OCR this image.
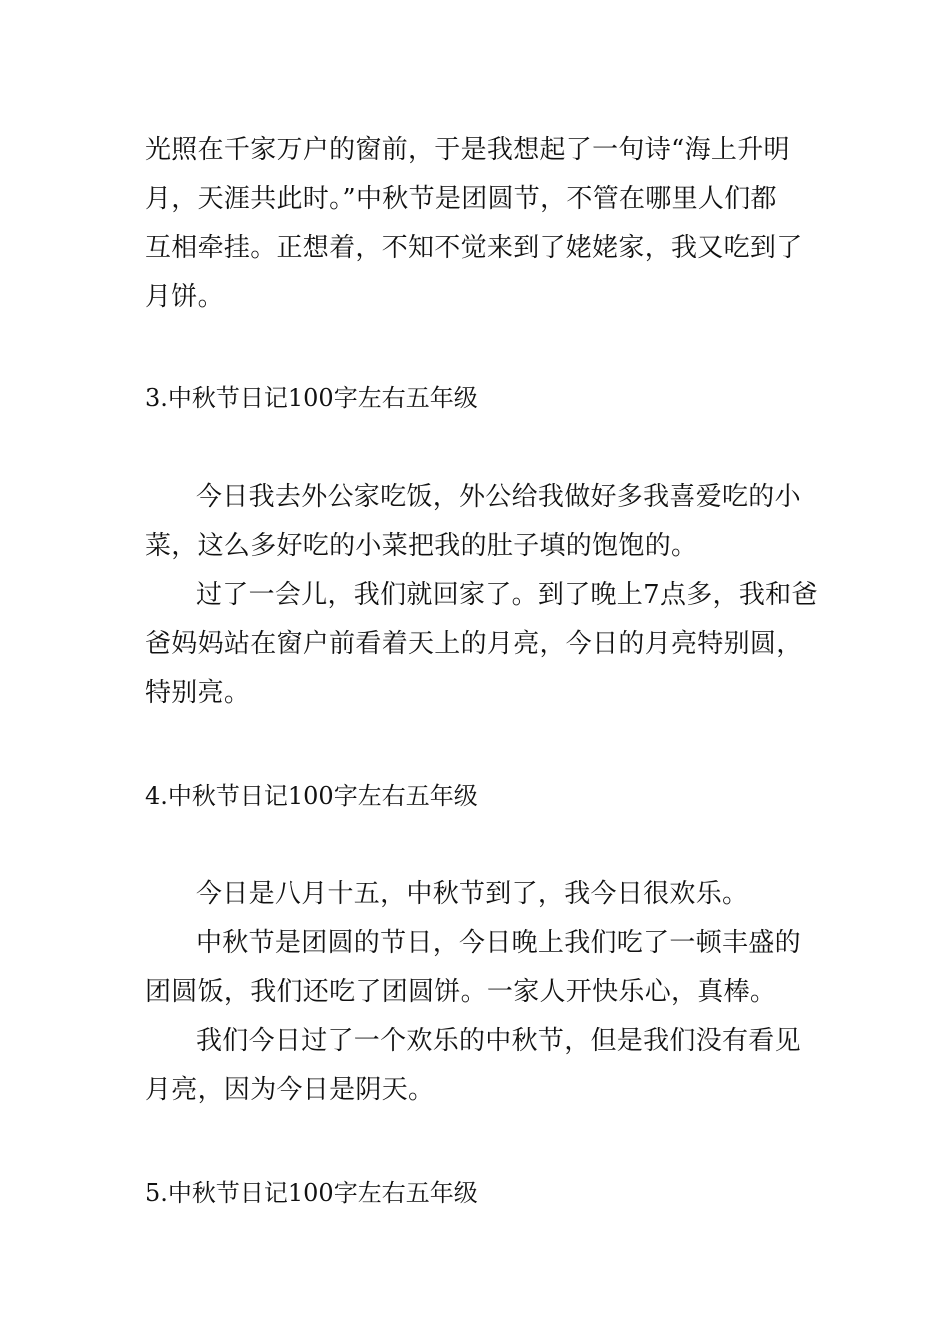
光照在千家万户的窗前，于是我想起了一句诗“海上升明
月，天涯共此时。”中秋节是团圆节，不管在哪里人们都
互相牵挂。正想着，不知不觉来到了姥姥家，我又吃到了
月饼。
3.中秋节日记100字左右五年级
今日我去外公家吃饭，外公给我做好多我喜爱吃的小
菜，这么多好吃的小菜把我的肚子填的饱饱的。
过了一会儿，我们就回家了。到了晚上7点多，我和爸
爸妈妈站在窗户前看着天上的月亮，今日的月亮特别圆，
特别亮。
4.中秋节日记100字左右五年级
今日是八月十五，中秋节到了，我今日很欢乐。
中秋节是团圆的节日，今日晚上我们吃了一顿丰盛的
团圆饭，我们还吃了团圆饼。一家人开快乐心，真棒。
我们今日过了一个欢乐的中秋节，但是我们没有看见
月亮，因为今日是阴天。
5.中秋节日记100字左右五年级
